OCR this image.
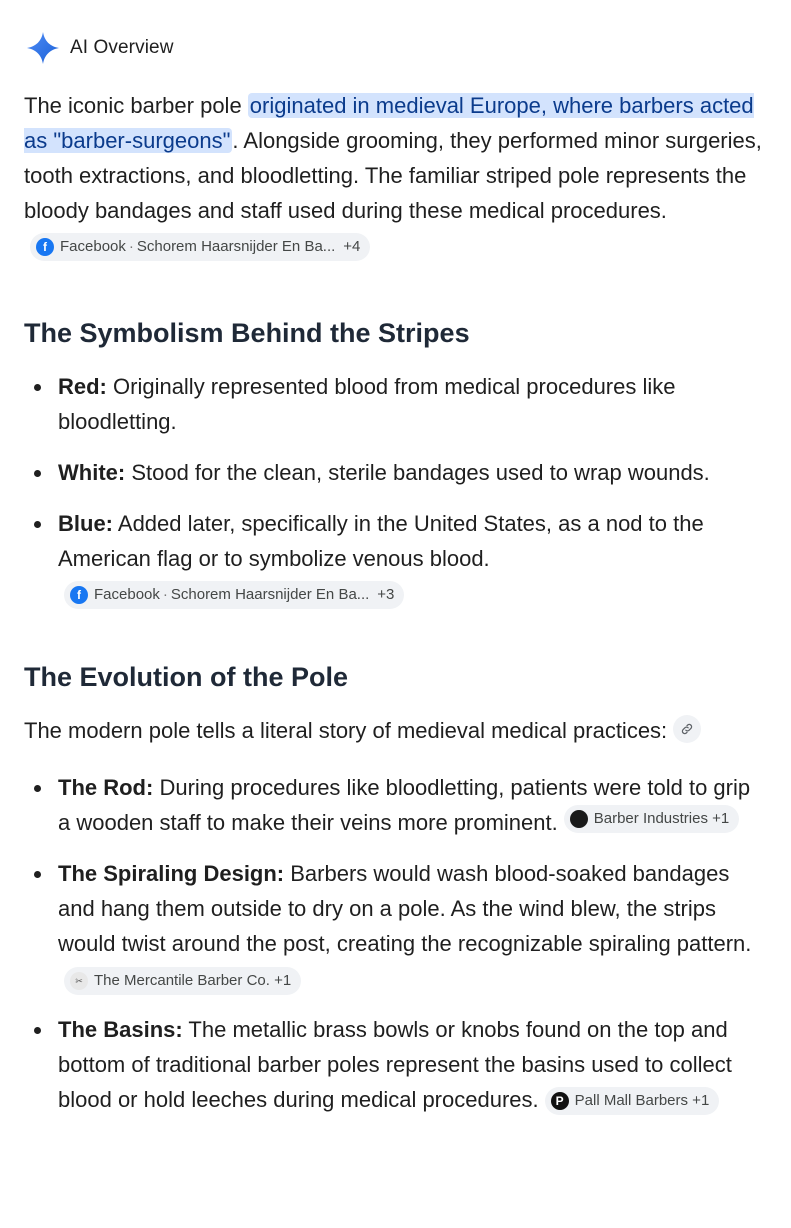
AI Overview

The iconic barber pole originated in medieval Europe, where barbers acted as "barber-surgeons". Alongside grooming, they performed minor surgeries, tooth extractions, and bloodletting. The familiar striped pole represents the bloody bandages and staff used during these medical procedures.
f Facebook · Schorem Haarsnijder En Ba... +4

The Symbolism Behind the Stripes
Red: Originally represented blood from medical procedures like bloodletting.
White: Stood for the clean, sterile bandages used to wrap wounds.
Blue: Added later, specifically in the United States, as a nod to the American flag or to symbolize venous blood.
f Facebook · Schorem Haarsnijder En Ba... +3
The Evolution of the Pole

The modern pole tells a literal story of medieval medical practices:

The Rod: During procedures like bloodletting, patients were told to grip a wooden staff to make their veins more prominent. Barber Industries +1
The Spiraling Design: Barbers would wash blood-soaked bandages and hang them outside to dry on a pole. As the wind blew, the strips would twist around the post, creating the recognizable spiraling pattern.
✂ The Mercantile Barber Co. +1
The Basins: The metallic brass bowls or knobs found on the top and bottom of traditional barber poles represent the basins used to collect blood or hold leeches during medical procedures.	P Pall Mall Barbers +1
